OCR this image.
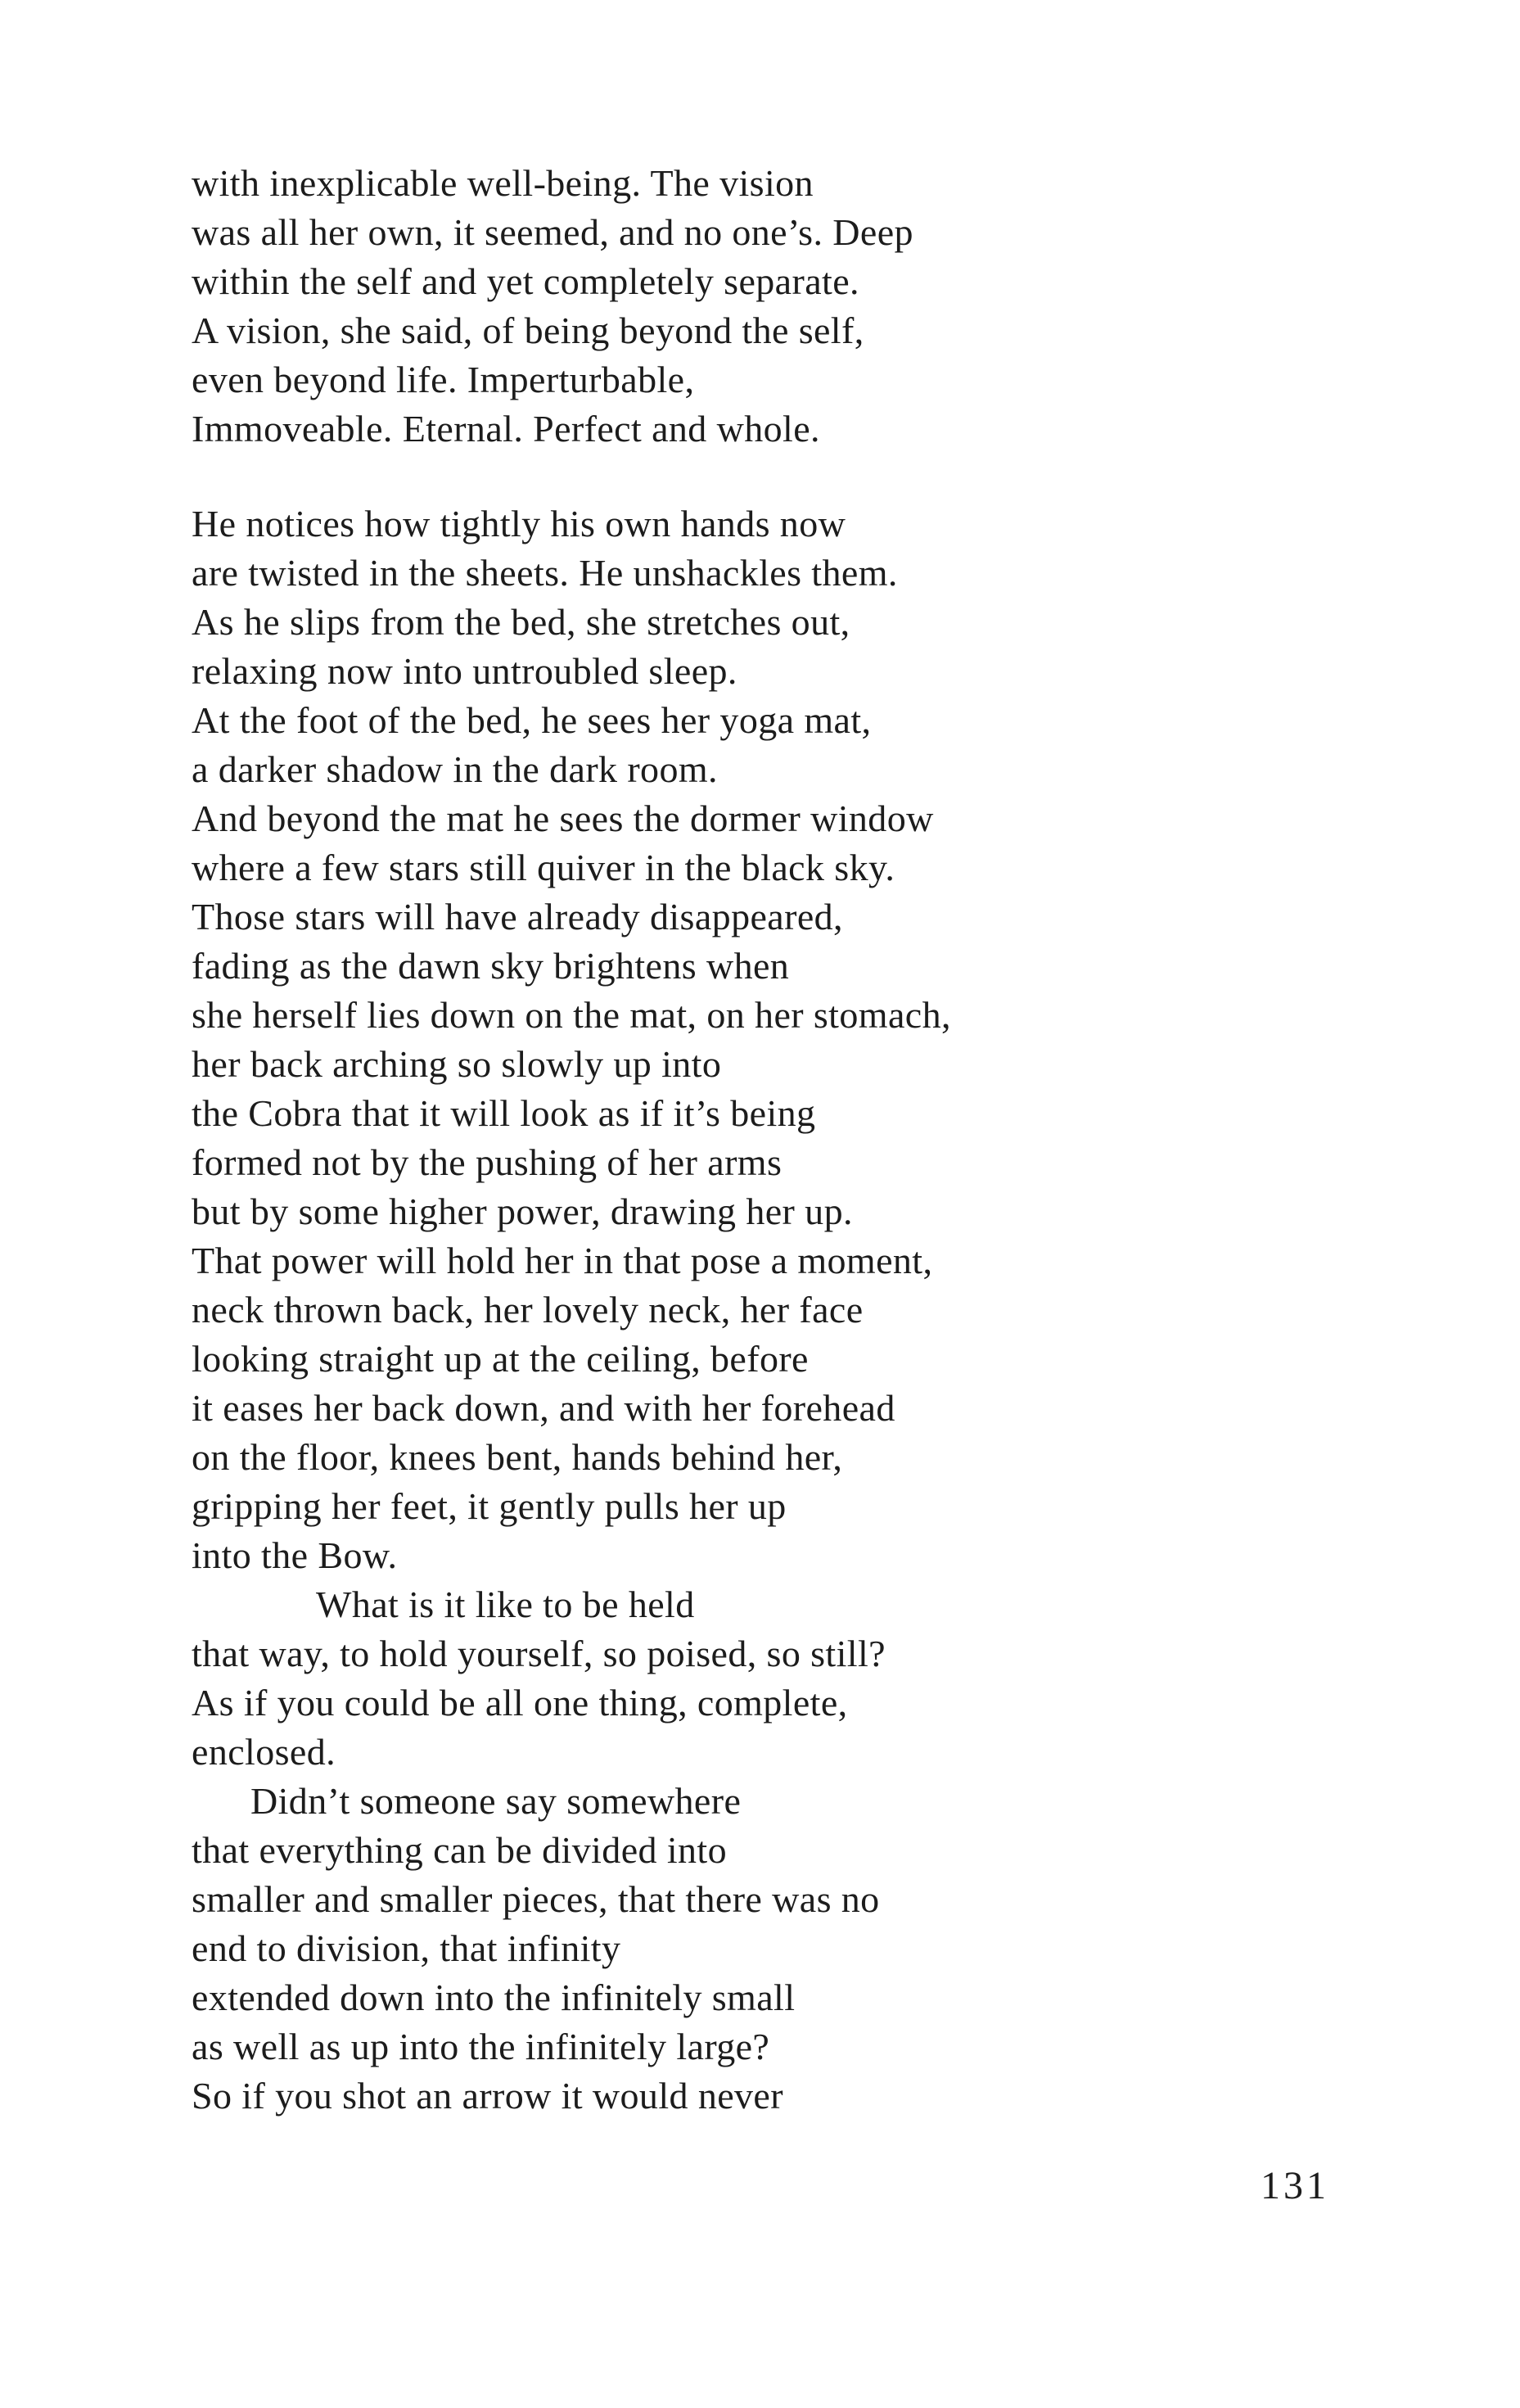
with inexplicable well-being. The vision
was all her own, it seemed, and no one’s. Deep
within the self and yet completely separate.
A vision, she said, of being beyond the self,
even beyond life. Imperturbable,
Immoveable. Eternal. Perfect and whole.
He notices how tightly his own hands now
are twisted in the sheets. He unshackles them.
As he slips from the bed, she stretches out,
relaxing now into untroubled sleep.
At the foot of the bed, he sees her yoga mat,
a darker shadow in the dark room.
And beyond the mat he sees the dormer window
where a few stars still quiver in the black sky.
Those stars will have already disappeared,
fading as the dawn sky brightens when
she herself lies down on the mat, on her stomach,
her back arching so slowly up into
the Cobra that it will look as if it’s being
formed not by the pushing of her arms
but by some higher power, drawing her up.
That power will hold her in that pose a moment,
neck thrown back, her lovely neck, her face
looking straight up at the ceiling, before
it eases her back down, and with her forehead
on the floor, knees bent, hands behind her,
gripping her feet, it gently pulls her up
into the Bow.
What is it like to be held
that way, to hold yourself, so poised, so still?
As if you could be all one thing, complete,
enclosed.
Didn’t someone say somewhere
that everything can be divided into
smaller and smaller pieces, that there was no
end to division, that infinity
extended down into the infinitely small
as well as up into the infinitely large?
So if you shot an arrow it would never
131
